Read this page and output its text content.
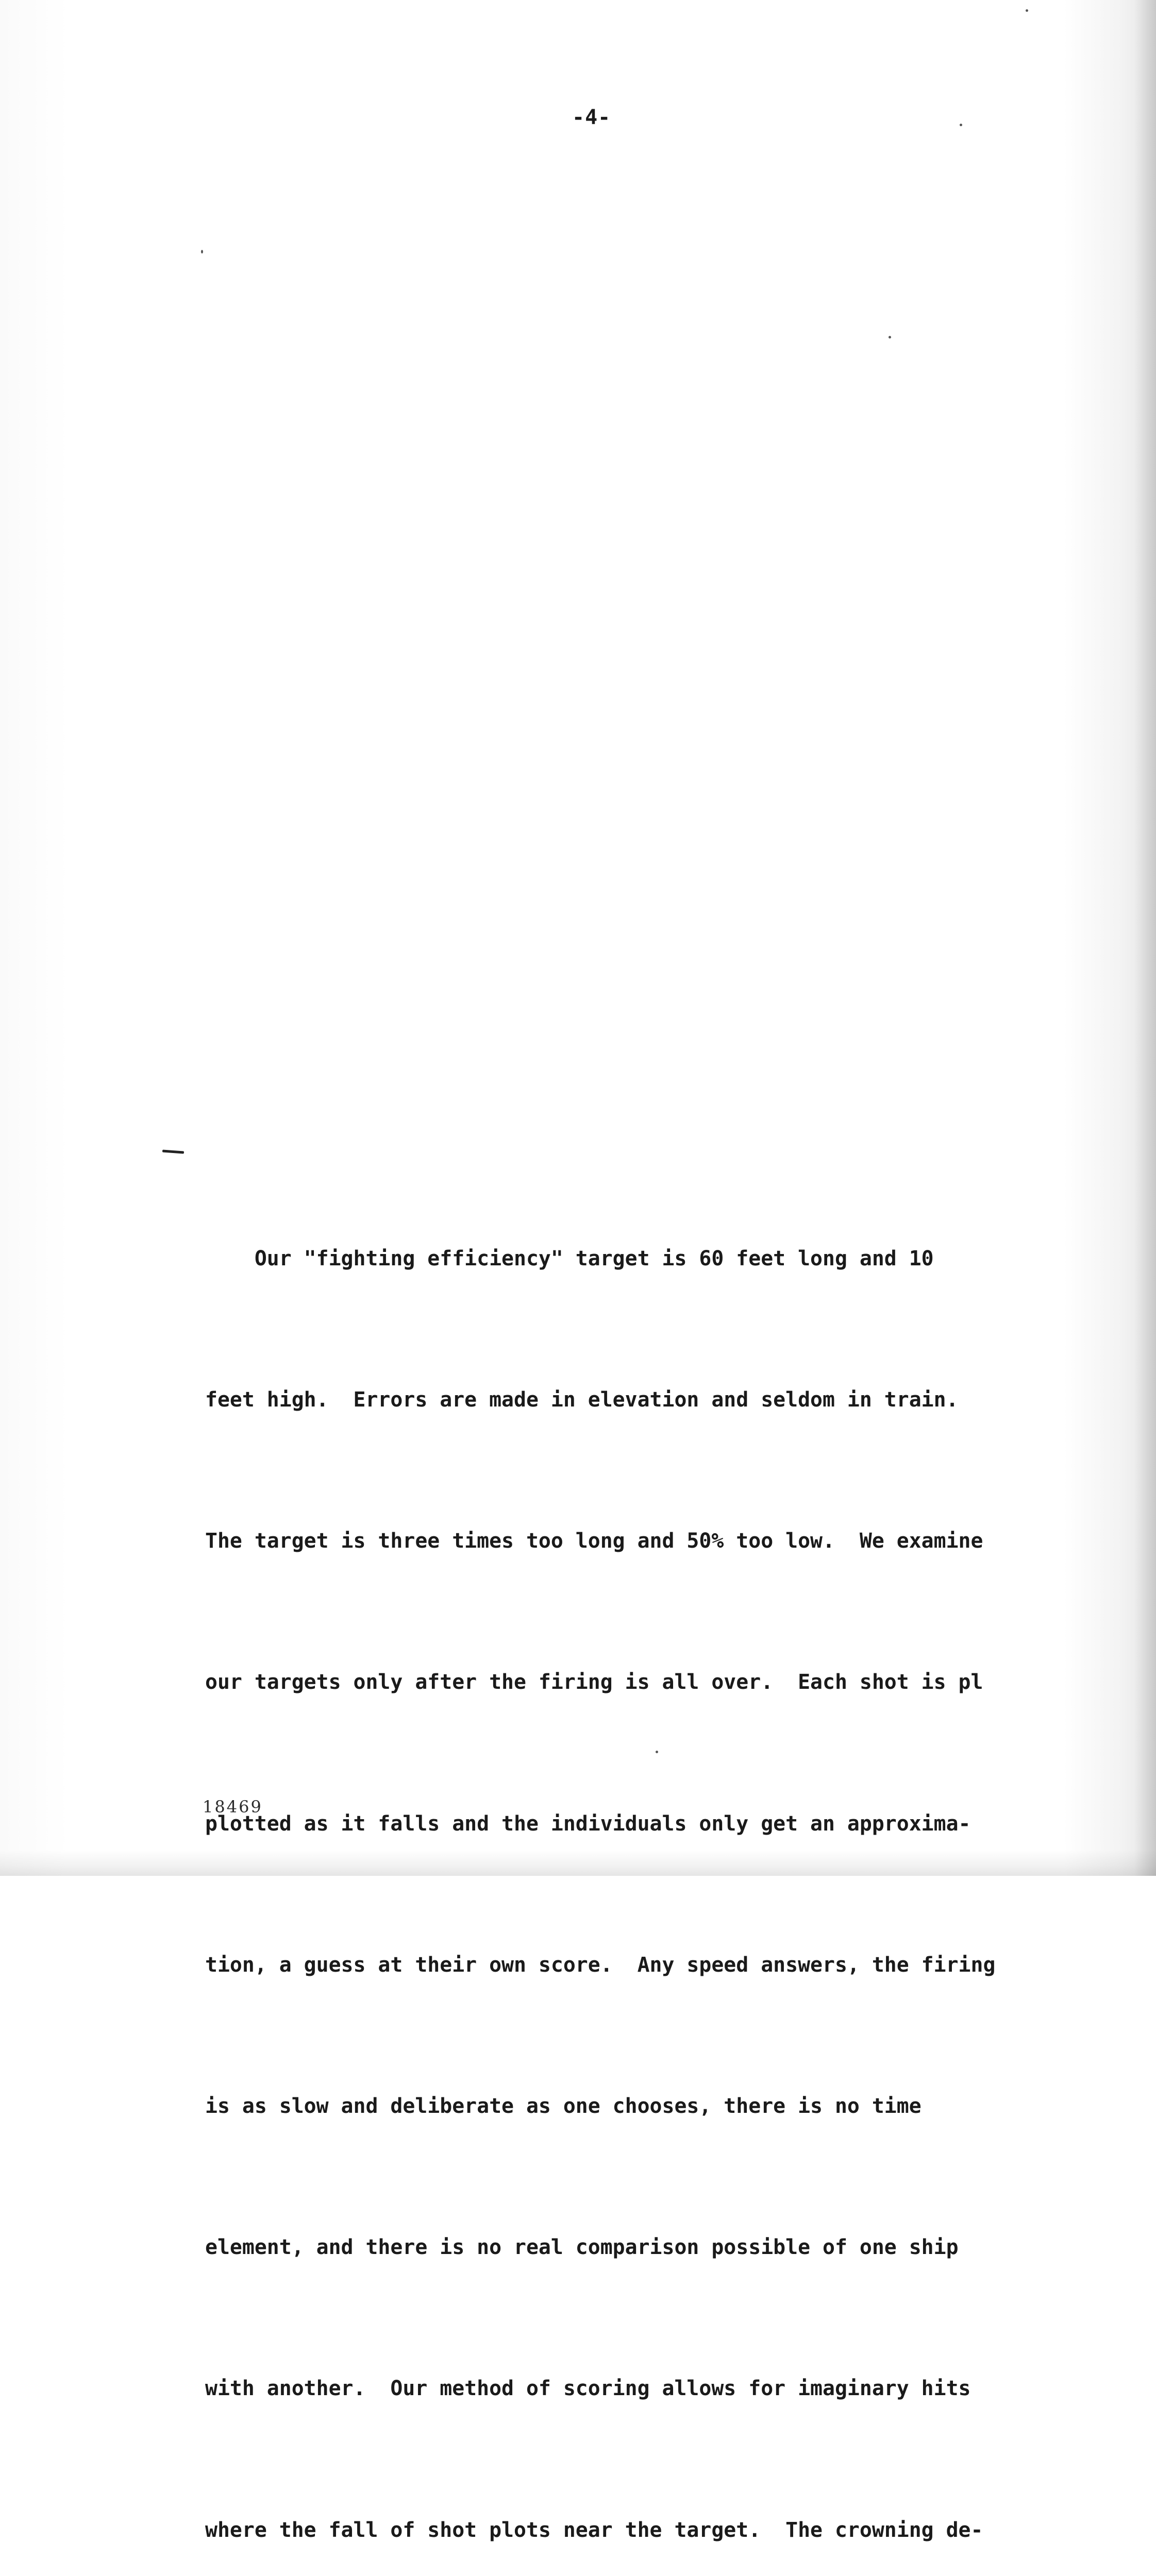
-4-

Our "fighting efficiency" target is 60 feet long and 10

feet high.  Errors are made in elevation and seldom in train.

The target is three times too long and 50% too low.  We examine

our targets only after the firing is all over.  Each shot is pl

plotted as it falls and the individuals only get an approxima-

tion, a guess at their own score.  Any speed answers, the firing

is as slow and deliberate as one chooses, there is no time

element, and there is no real comparison possible of one ship

with another.  Our method of scoring allows for imaginary hits

where the fall of shot plots near the target.  The crowning de-

18469
